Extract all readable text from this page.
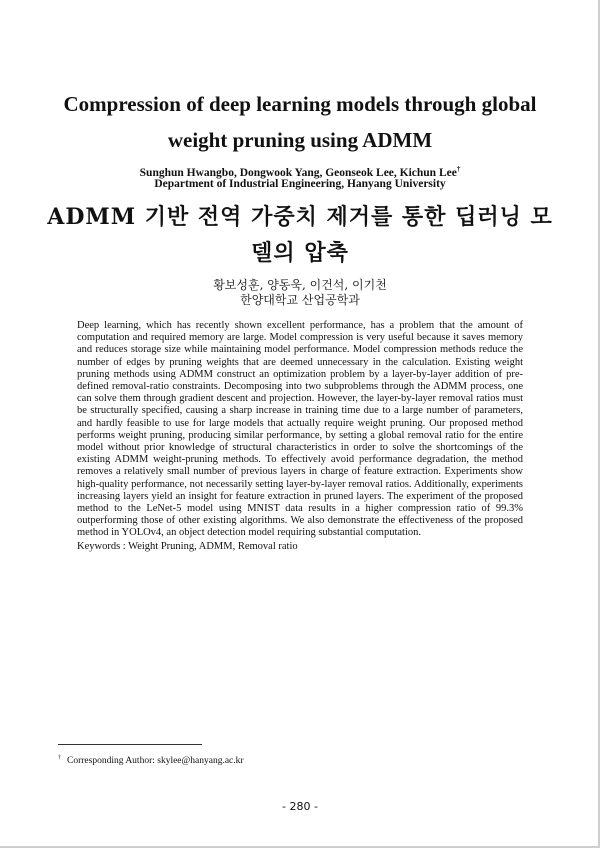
Compression of deep learning models through global weight pruning using ADMM
Sunghun Hwangbo, Dongwook Yang, Geonseok Lee, Kichun Lee†
Department of Industrial Engineering, Hanyang University
ADMM 기반 전역 가중치 제거를 통한 딥러닝 모델의 압축
황보성훈, 양동욱, 이건석, 이기천
한양대학교 산업공학과

Deep learning, which has recently shown excellent performance, has a problem that the amount of computation and required memory are large. Model compression is very useful because it saves memory and reduces storage size while maintaining model performance. Model compression methods reduce the number of edges by pruning weights that are deemed unnecessary in the calculation. Existing weight pruning methods using ADMM construct an optimization problem by a layer-by-layer addition of pre-defined removal-ratio constraints. Decomposing into two subproblems through the ADMM process, one can solve them through gradient descent and projection. However, the layer-by-layer removal ratios must be structurally specified, causing a sharp increase in training time due to a large number of parameters, and hardly feasible to use for large models that actually require weight pruning. Our proposed method performs weight pruning, producing similar performance, by setting a global removal ratio for the entire model without prior knowledge of structural characteristics in order to solve the shortcomings of the existing ADMM weight-pruning methods. To effectively avoid performance degradation, the method removes a relatively small number of previous layers in charge of feature extraction. Experiments show high-quality performance, not necessarily setting layer-by-layer removal ratios. Additionally, experiments increasing layers yield an insight for feature extraction in pruned layers. The experiment of the proposed method to the LeNet-5 model using MNIST data results in a higher compression ratio of 99.3% outperforming those of other existing algorithms. We also demonstrate the effectiveness of the proposed method in YOLOv4, an object detection model requiring substantial computation.

Keywords : Weight Pruning, ADMM, Removal ratio

† Corresponding Author: skylee@hanyang.ac.kr
- 280 -
